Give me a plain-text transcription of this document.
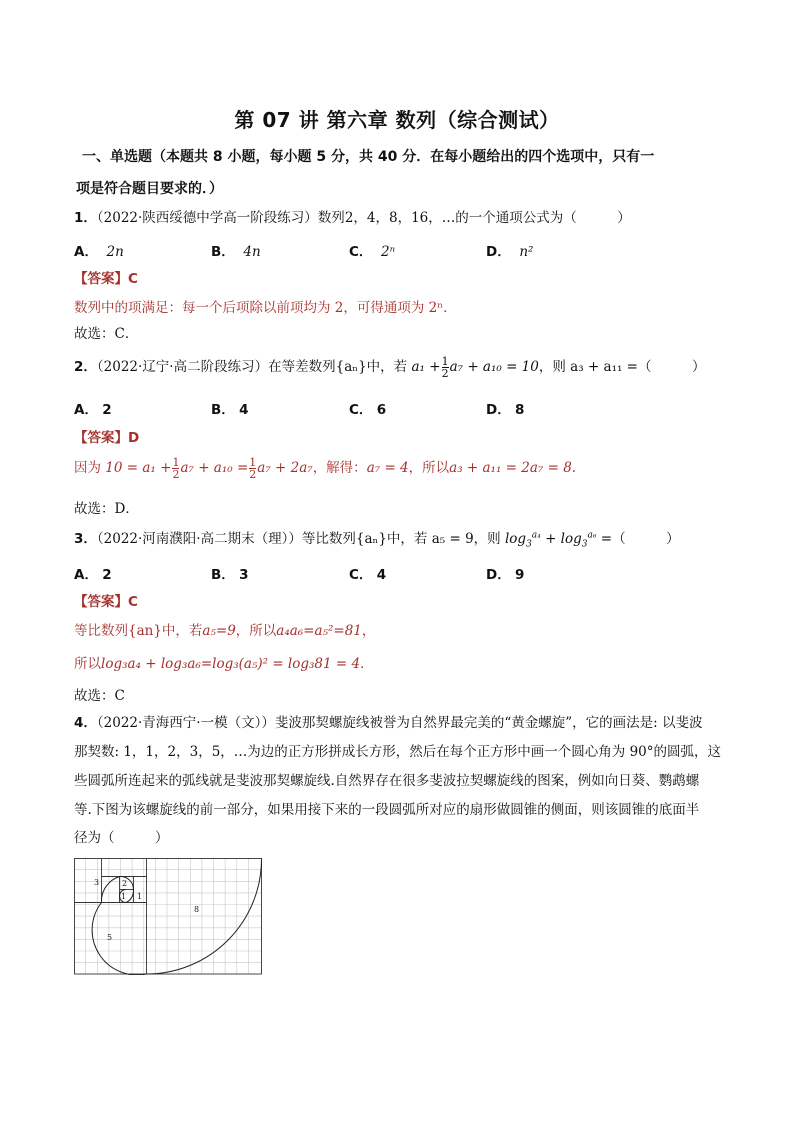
第 07 讲 第六章 数列（综合测试）
一、单选题（本题共 8 小题，每小题 5 分，共 40 分．在每小题给出的四个选项中，只有一
项是符合题目要求的．）
1．（2022·陕西绥德中学高一阶段练习）数列2，4，8，16，…的一个通项公式为（　　　）
A． 2n	B． 4n	C． 2ⁿ	D． n²
【答案】C
数列中的项满足：每一个后项除以前项均为 2，可得通项为 2ⁿ．
故选：C．
2．（2022·辽宁·高二阶段练习）在等差数列{aₙ}中，若 $a_1 + \frac{1}{2} a_7 + a_{10} = 10$，则 a₃ + a₁₁ =（　　　）
A． 2	B． 4	C． 6	D． 8
【答案】D
因为 $10 = a_1 + \frac{1}{2} a_7 + a_{10} = \frac{1}{2} a_7 + 2a_7$，解得：a₇ = 4，所以a₃ + a₁₁ = 2a₇ = 8．
故选：D．
3．（2022·河南濮阳·高二期末（理））等比数列{aₙ}中，若 a₅ = 9，则 $\log_3^{a_4} + \log_3^{a_6}$ =（　　　）
A． 2	B． 3	C． 4	D． 9
【答案】C
等比数列{an}中，若a₅=9，所以a₄a₆=a₅²=81，
所以log₃a₄ + log₃a₆=log₃(a₅)² = log₃81 = 4．
故选：C
4．（2022·青海西宁·一模（文））斐波那契螺旋线被誉为自然界最完美的“黄金螺旋”，它的画法是: 以斐波
那契数: 1，1，2，3，5，…为边的正方形拼成长方形，然后在每个正方形中画一个圆心角为 90°的圆弧，这
些圆弧所连起来的弧线就是斐波那契螺旋线.自然界存在很多斐波拉契螺旋线的图案，例如向日葵、鹦鹉螺
等.下图为该螺旋线的前一部分，如果用接下来的一段圆弧所对应的扇形做圆锥的侧面，则该圆锥的底面半
径为（　　　）
3	2
1 1
8
5
